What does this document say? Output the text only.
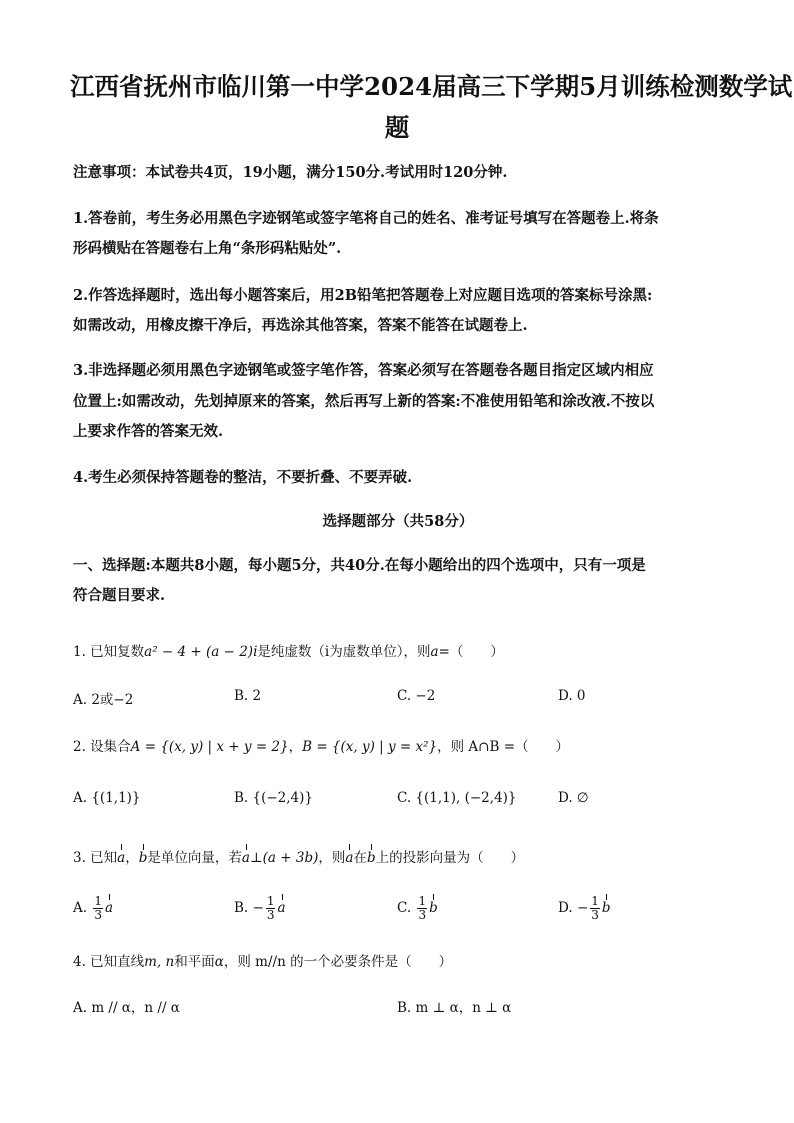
江西省抚州市临川第一中学2024届高三下学期5月训练检测数学试
题
注意事项：本试卷共4页，19小题，满分150分.考试用时120分钟.
1.答卷前，考生务必用黑色字迹钢笔或签字笔将自己的姓名、准考证号填写在答题卷上.将条
形码横贴在答题卷右上角“条形码粘贴处”.
2.作答选择题时，选出每小题答案后，用2B铅笔把答题卷上对应题目选项的答案标号涂黑:
如需改动，用橡皮擦干净后，再选涂其他答案，答案不能答在试题卷上.
3.非选择题必须用黑色字迹钢笔或签字笔作答，答案必须写在答题卷各题目指定区域内相应
位置上:如需改动，先划掉原来的答案，然后再写上新的答案:不准使用铅笔和涂改液.不按以
上要求作答的答案无效.
4.考生必须保持答题卷的整洁，不要折叠、不要弄破.
选择题部分（共58分）
一、选择题:本题共8小题，每小题5分，共40分.在每小题给出的四个选项中，只有一项是
符合题目要求.
1. 已知复数a² − 4 + (a − 2)i是纯虚数（i为虚数单位），则a=（　　）
A. 2或−2	B. 2	C. −2	D. 0
2. 设集合A = {(x, y) | x + y = 2}，B = {(x, y) | y = x²}，则 A∩B =（　　）
A. {(1,1)}	B. {(−2,4)}	C. {(1,1), (−2,4)}	D. ∅
3. 已知a，b是单位向量，若a⊥(a + 3b)，则a在b上的投影向量为（　　）
A. $\frac{1}{3}$ a	B. − $\frac{1}{3}$ a	C. $\frac{1}{3}$ b	D. − $\frac{1}{3}$ b
4. 已知直线m, n和平面α，则 m//n 的一个必要条件是（　　）
A. m // α，n // α	B. m ⊥ α，n ⊥ α
